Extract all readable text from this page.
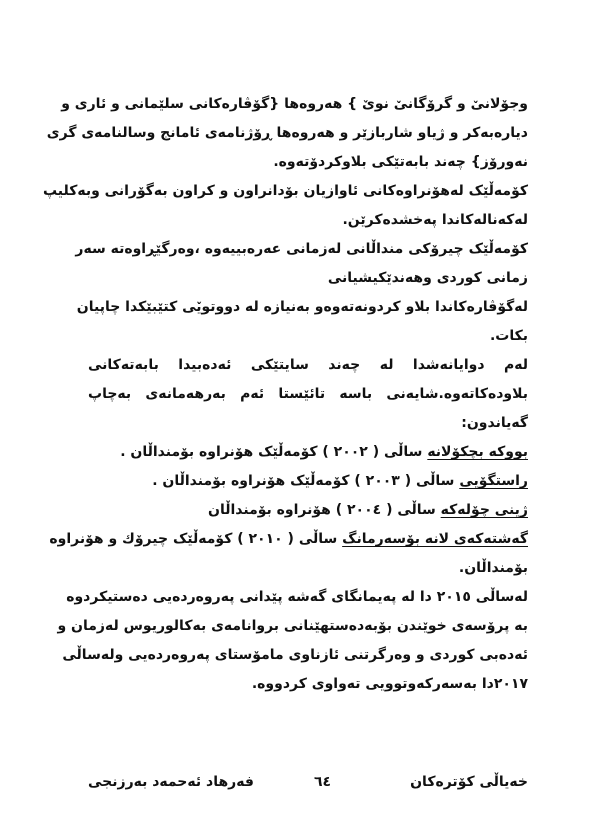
وجۆلانیٚ و گرۆگانیٚ نویٚ } هەروەها {گۆڤارەکانی سلێمانی و ئاری و
دیارەبەکر و ژیاو شاربازێر و هەروەها ڕۆژنامەی ئامانج وسالنامەی گری
نەورۆز} چەند بابەتێکی بلاوکردۆتەوە.
کۆمەڵێک لەهۆنراوەکانی ئاوازیان بۆدانراون و کراون بەگۆرانی وبەکلیپ
لەکەنالەکاندا پەخشدەکرێن.
کۆمەڵێک چیرۆکی منداڵانی لەزمانی عەرەبییەوە ،وەرگێڕاوەتە سەر
زمانی کوردی وهەندێکیشیانی
لەگۆڤارەکاندا بلاو کردونەتەوەو بەنیازە لە دووتویٚی کتێبێکدا چاپیان
بکات.
لەم دوایانەشدا لە چەند سایتێکی ئەدەبیدا بابەتەکانی
بلاودەکاتەوە.شایەنی باسە تائێستا ئەم بەرهەمانەی بەچاپ
گەیاندون:
بووکە بچکۆلانە ساڵی ( ٢٠٠٢ ) کۆمەڵێک هۆنراوە بۆمنداڵان .
راستگۆیی ساڵی ( ٢٠٠٣ ) کۆمەڵێک هۆنراوە بۆمنداڵان .
ژینی چۆلەکە ساڵی ( ٢٠٠٤ ) هۆنراوە بۆمنداڵان
گەشتەکەی لانە بۆسەرمانگ ساڵی ( ٢٠١٠ ) کۆمەڵێک چیرۆك و هۆنراوە
بۆمنداڵان.
لەساڵی ٢٠١٥ دا لە پەیمانگای گەشە پێدانی پەروەردەیی دەستیکردوە
بە پرۆسەی خوێندن بۆبەدەستهێنانی بروانامەی بەکالوریوس لەزمان و
ئەدەبی کوردی و وەرگرتنی ئازناوی مامۆستای پەروەردەیی ولەساڵی
٢٠١٧دا بەسەرکەوتوویی تەواوی کردووە.
خەیاڵی کۆترەکان
٦٤
فەرهاد ئەحمەد بەرزنجی
